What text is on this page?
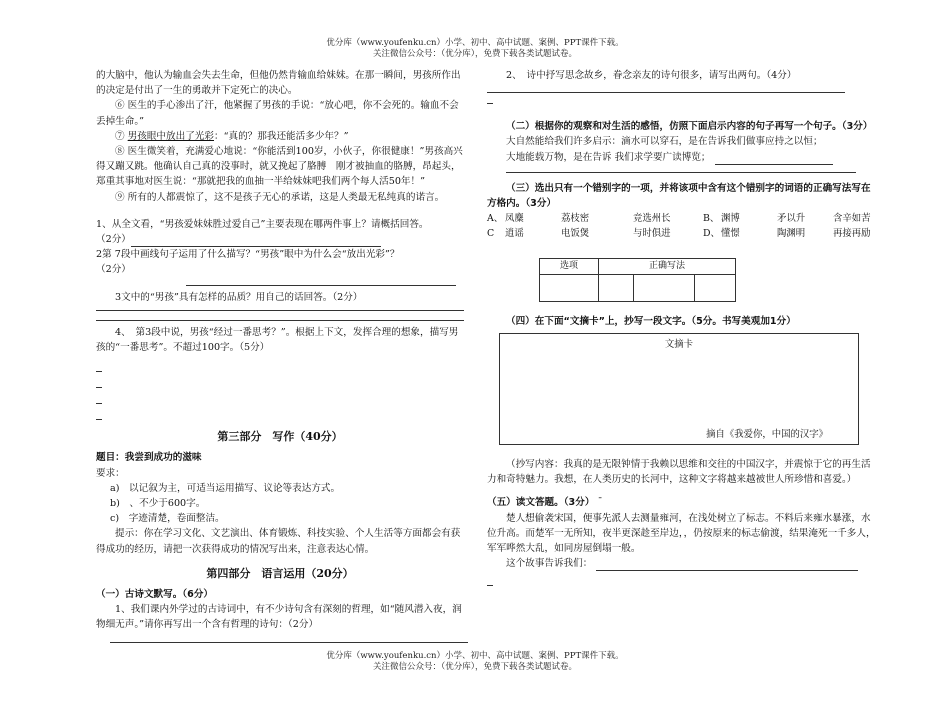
优分库（www.youfenku.cn）小学、初中、高中试题、案例、PPT课件下载。
关注微信公众号：（优分库），免费下载各类试题试卷。

的大脑中，他认为输血会失去生命，但他仍然肯输血给妹妹。在那一瞬间，男孩所作出的决定是付出了一生的勇敢并下定死亡的决心。

⑥ 医生的手心渗出了汗，他紧握了男孩的手说：“放心吧，你不会死的。输血不会丢掉生命。”

⑦ 男孩眼中放出了光彩：“真的？那我还能活多少年？”

⑧ 医生微笑着，充满爱心地说：“你能活到100岁，小伙子，你很健康！”男孩高兴得又蹦又跳。他确认自己真的没事时，就又挽起了胳膊　刚才被抽血的胳膊，昂起头，郑重其事地对医生说：“那就把我的血抽一半给妹妹吧我们两个每人活50年！”

⑨ 所有的人都震惊了，这不是孩子无心的承诺，这是人类最无私纯真的诺言。

1、从全文看，“男孩爱妹妹胜过爱自己”主要表现在哪两件事上？请概括回答。

（2分）

2第 7段中画线句子运用了什么描写？“男孩”眼中为什么会“放出光彩”？

（2分）

3文中的“男孩”具有怎样的品质？用自己的话回答。（2分）

4、　第3段中说，男孩“经过一番思考？”。根据上下文，发挥合理的想象，描写男孩的“一番思考”。不超过100字。（5分）

第三部分　写作（40分）

题目：我尝到成功的滋味

要求：

a)　以记叙为主，可适当运用描写、议论等表达方式。

b)　、不少于600字。

c)　字迹清楚，卷面整洁。

提示：你在学习文化、文艺演出、体育锻炼、科技实验、个人生活等方面都会有获得成功的经历，请把一次获得成功的情况写出来，注意表达心情。

第四部分　语言运用（20分）

（一）古诗文默写。（6分）

1、我们课内外学过的古诗词中，有不少诗句含有深刻的哲理，如“随风潜入夜，润物细无声。”请你再写出一个含有哲理的诗句：（2分）

2、　诗中抒写思念故乡，眷念亲友的诗句很多，请写出两句。（4分）

（二）根据你的观察和对生活的感悟，仿照下面启示内容的句子再写一个句子。（3分）

大自然能给我们许多启示：滴水可以穿石，是在告诉我们做事应持之以恒；

大地能载万物，是在告诉 我们求学要广读博览；

（三）选出只有一个错别字的一项，并将该项中含有这个错别字的词语的正确写法写在方格内。（3分）

A、 凤麋	荔枝密	竞选州长	B、 渊博	矛以升	含辛如苦
C	逍谣	电饭煲	与时俱进	D、 懂憬	陶渊明	再接再励
选项	正确写法		

（四）在下面“文摘卡”上，抄写一段文字。（5分。书写美观加1分）

文摘卡
摘自《我爱你，中国的汉字》

（抄写内容：我真的是无限钟情于我赖以思维和交往的中国汉字，并震惊于它的再生活力和奇特魅力。我想，在人类历史的长河中，这种文字将越来越被世人所珍惜和喜爱。）

（五）读文答题。（3分） ¯

楚人想偷袭宋国，便事先派人去测量雍河，在浅处树立了标志。不料后来雍水暴涨，水位升高。而楚军一无所知，夜半更深趁至岸边，，仍按原来的标志偷渡，结果淹死一千多人，军军哗然大乱，如同房屋倒塌一般。

这个故事告诉我们：

优分库（www.youfenku.cn）小学、初中、高中试题、案例、PPT课件下载。
关注微信公众号：（优分库），免费下载各类试题试卷。
